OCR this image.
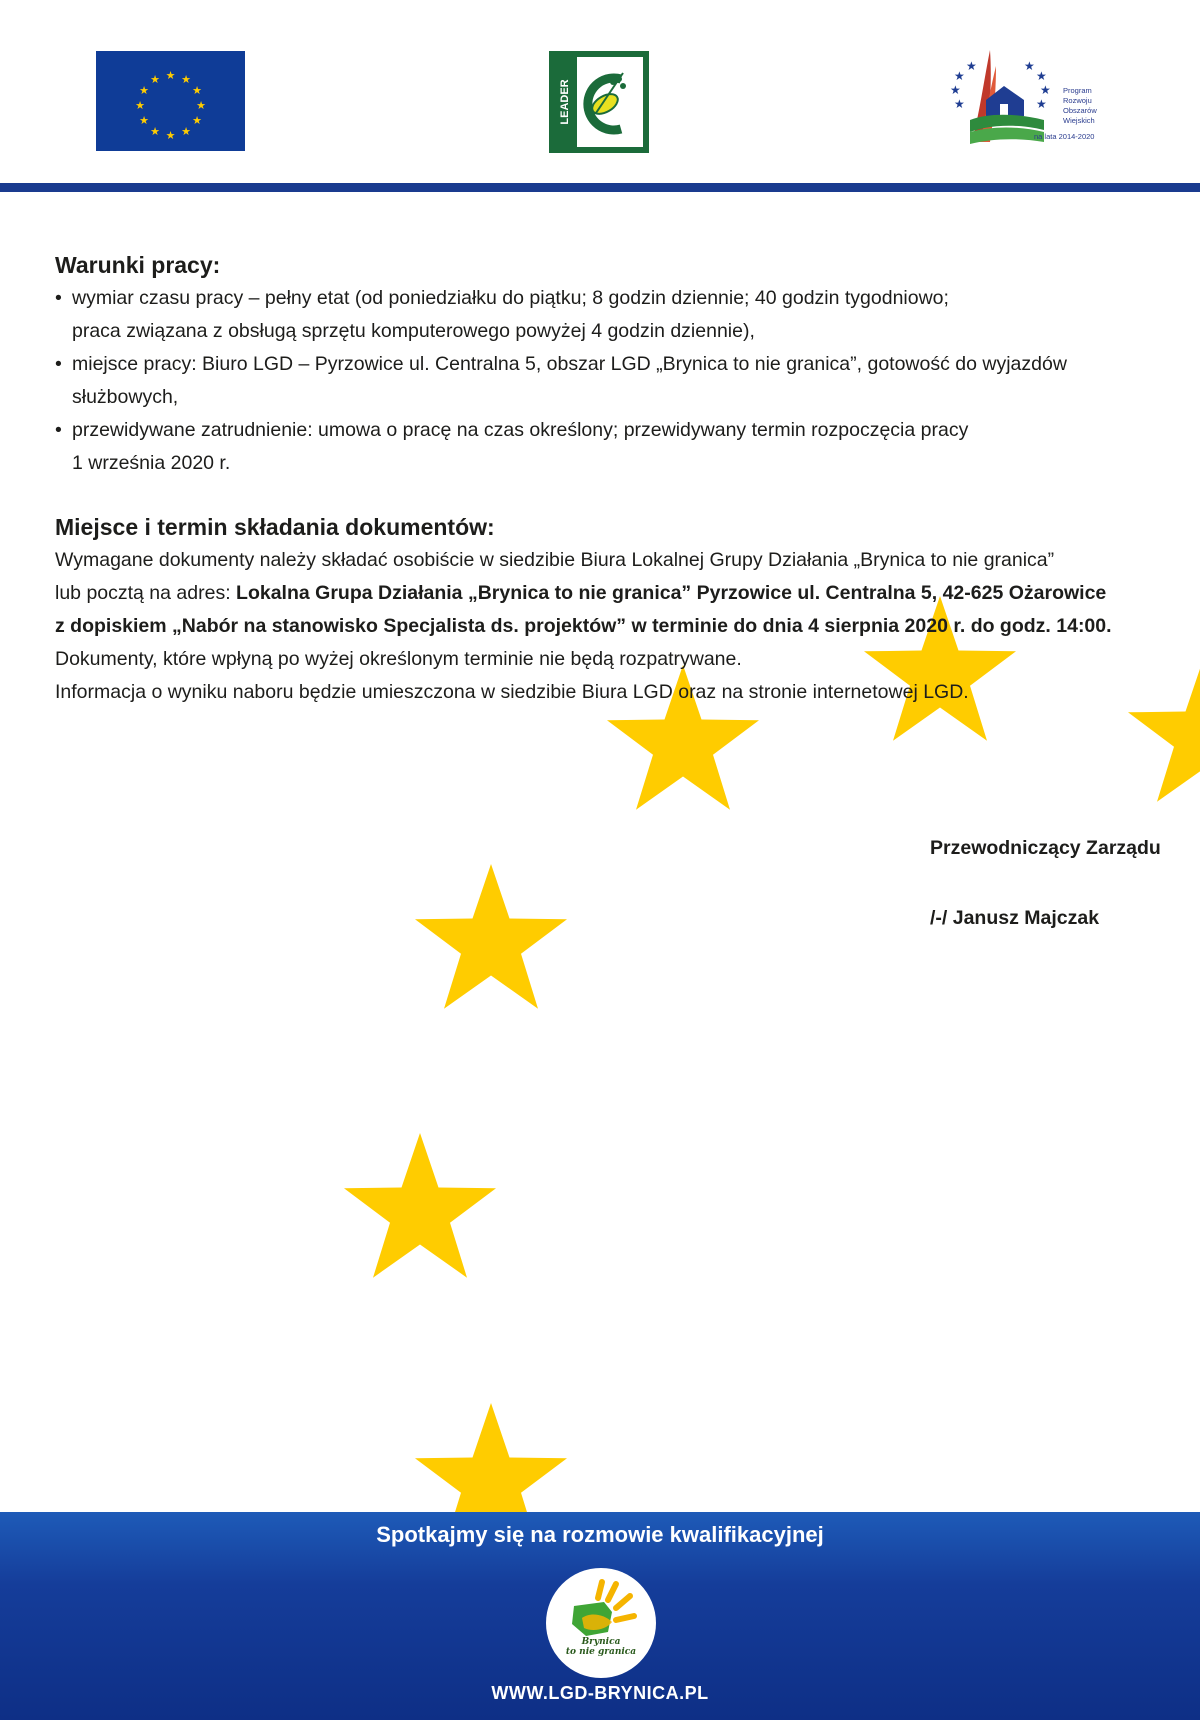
★ ★
★
★
★
★
★
★
★
★
★
★	LEADER	★
★
★	★
★
★
★	★
Program
Rozwoju
Obszarów
Wiejskich
na lata 2014-2020
Warunki pracy:
• wymiar czasu pracy – pełny etat (od poniedziałku do piątku; 8 godzin dziennie; 40 godzin tygodniowo;
praca związana z obsługą sprzętu komputerowego powyżej 4 godzin dziennie),
• miejsce pracy: Biuro LGD – Pyrzowice ul. Centralna 5, obszar LGD „Brynica to nie granica”, gotowość do wyjazdów
służbowych,
• przewidywane zatrudnienie: umowa o pracę na czas określony; przewidywany termin rozpoczęcia pracy
1 września 2020 r.
Miejsce i termin składania dokumentów:

Wymagane dokumenty należy składać osobiście w siedzibie Biura Lokalnej Grupy Działania „Brynica to nie granica”

lub pocztą na adres: Lokalna Grupa Działania „Brynica to nie granica” Pyrzowice ul. Centralna 5, 42-625 Ożarowice

z dopiskiem „Nabór na stanowisko Specjalista ds. projektów” w terminie do dnia 4 sierpnia 2020 r. do godz. 14:00.

Dokumenty, które wpłyną po wyżej określonym terminie nie będą rozpatrywane.

Informacja o wyniku naboru będzie umieszczona w siedzibie Biura LGD oraz na stronie internetowej LGD.

Przewodniczący Zarządu
/-/ Janusz Majczak
Spotkajmy się na rozmowie kwalifikacyjnej
Brynica
to nie granica
WWW.LGD-BRYNICA.PL
